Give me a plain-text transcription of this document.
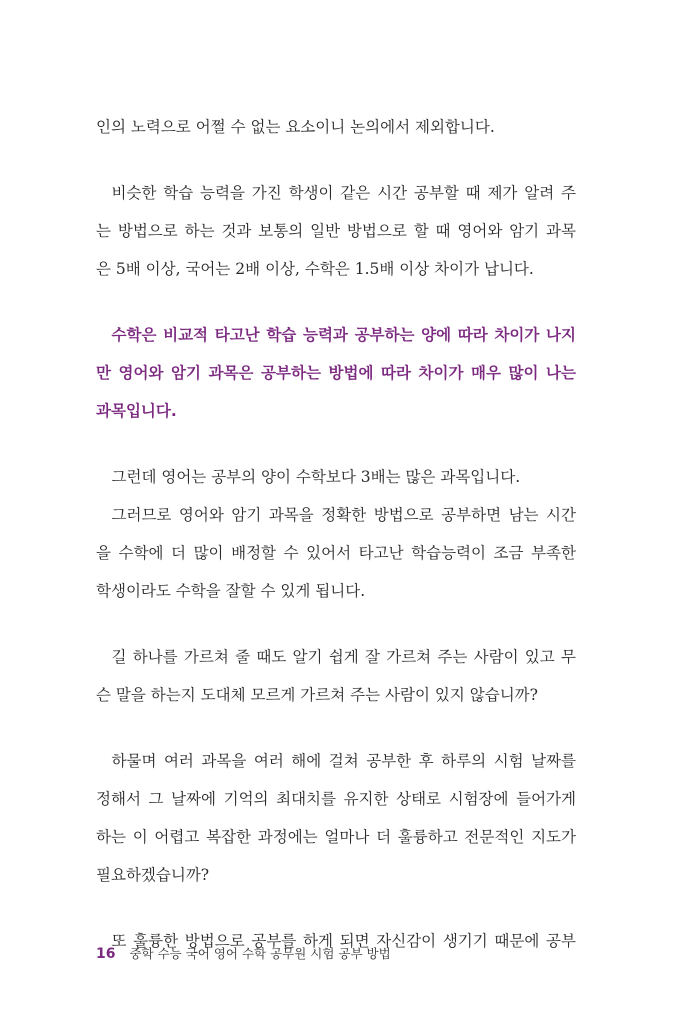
인의 노력으로 어쩔 수 없는 요소이니 논의에서 제외합니다.

비슷한 학습 능력을 가진 학생이 같은 시간 공부할 때 제가 알려 주
는 방법으로 하는 것과 보통의 일반 방법으로 할 때 영어와 암기 과목
은 5배 이상, 국어는 2배 이상, 수학은 1.5배 이상 차이가 납니다.

수학은 비교적 타고난 학습 능력과 공부하는 양에 따라 차이가 나지
만 영어와 암기 과목은 공부하는 방법에 따라 차이가 매우 많이 나는
과목입니다.

그런데 영어는 공부의 양이 수학보다 3배는 많은 과목입니다.

그러므로 영어와 암기 과목을 정확한 방법으로 공부하면 남는 시간
을 수학에 더 많이 배정할 수 있어서 타고난 학습능력이 조금 부족한
학생이라도 수학을 잘할 수 있게 됩니다.

길 하나를 가르쳐 줄 때도 알기 쉽게 잘 가르쳐 주는 사람이 있고 무
슨 말을 하는지 도대체 모르게 가르쳐 주는 사람이 있지 않습니까?

하물며 여러 과목을 여러 해에 걸쳐 공부한 후 하루의 시험 날짜를
정해서 그 날짜에 기억의 최대치를 유지한 상태로 시험장에 들어가게
하는 이 어렵고 복잡한 과정에는 얼마나 더 훌륭하고 전문적인 지도가
필요하겠습니까?

또 훌륭한 방법으로 공부를 하게 되면 자신감이 생기기 때문에 공부

16 중학 수능 국어 영어 수학 공무원 시험 공부 방법
